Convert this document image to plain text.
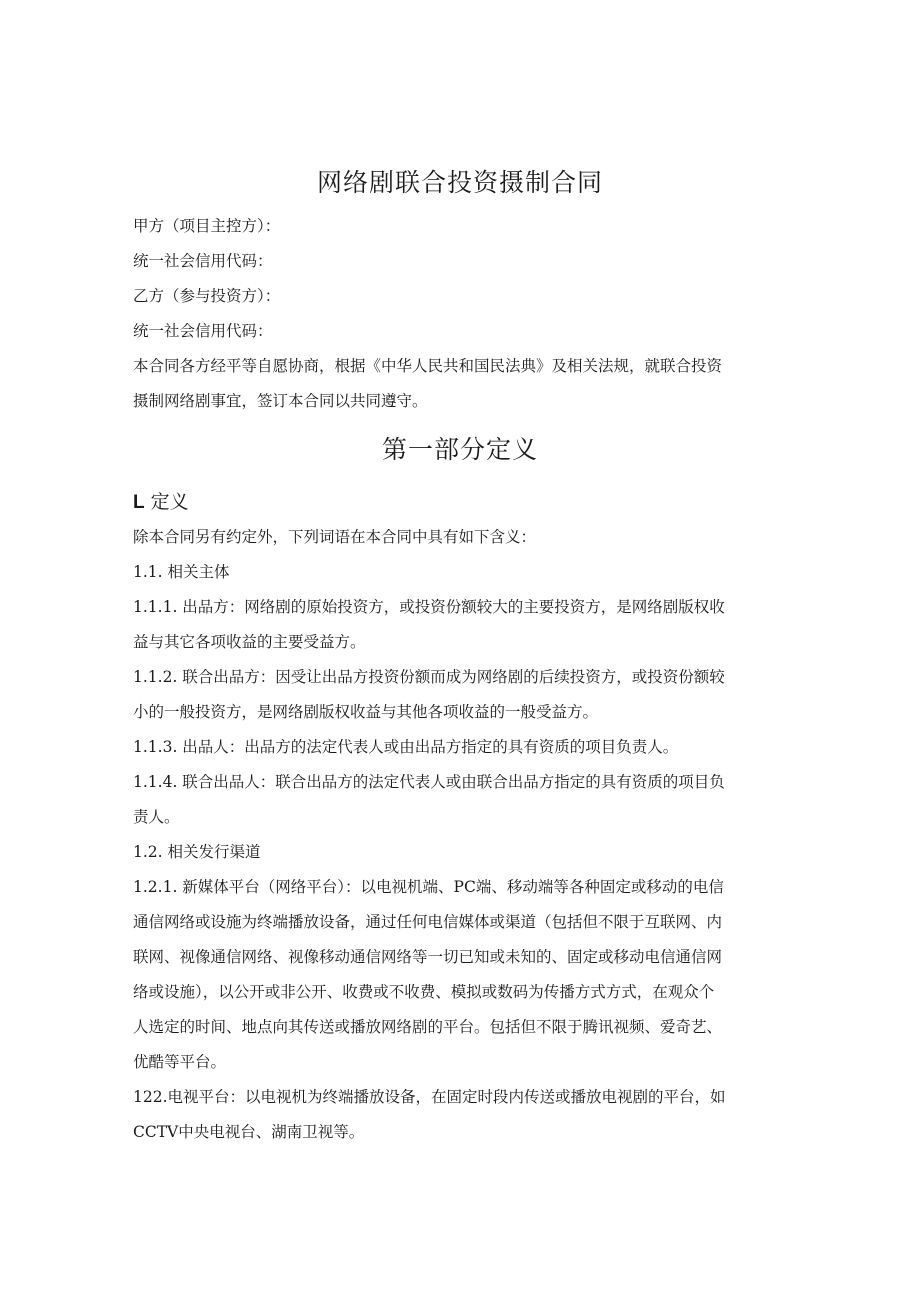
网络剧联合投资摄制合同
甲方（项目主控方）：
统一社会信用代码：
乙方（参与投资方）：
统一社会信用代码：
本合同各方经平等自愿协商，根据《中华人民共和国民法典》及相关法规，就联合投资
摄制网络剧事宜，签订本合同以共同遵守。
第一部分定义
L 定义
除本合同另有约定外，下列词语在本合同中具有如下含义：
1.1. 相关主体
1.1.1. 出品方：网络剧的原始投资方，或投资份额较大的主要投资方，是网络剧版权收
益与其它各项收益的主要受益方。
1.1.2. 联合出品方：因受让出品方投资份额而成为网络剧的后续投资方，或投资份额较
小的一般投资方，是网络剧版权收益与其他各项收益的一般受益方。
1.1.3. 出品人：出品方的法定代表人或由出品方指定的具有资质的项目负责人。
1.1.4. 联合出品人：联合出品方的法定代表人或由联合出品方指定的具有资质的项目负
责人。
1.2. 相关发行渠道
1.2.1. 新媒体平台（网络平台）：以电视机端、PC端、移动端等各种固定或移动的电信
通信网络或设施为终端播放设备，通过任何电信媒体或渠道（包括但不限于互联网、内
联网、视像通信网络、视像移动通信网络等一切已知或未知的、固定或移动电信通信网
络或设施），以公开或非公开、收费或不收费、模拟或数码为传播方式方式，在观众个
人选定的时间、地点向其传送或播放网络剧的平台。包括但不限于腾讯视频、爱奇艺、
优酷等平台。
122.电视平台：以电视机为终端播放设备，在固定时段内传送或播放电视剧的平台，如
CCTV中央电视台、湖南卫视等。
